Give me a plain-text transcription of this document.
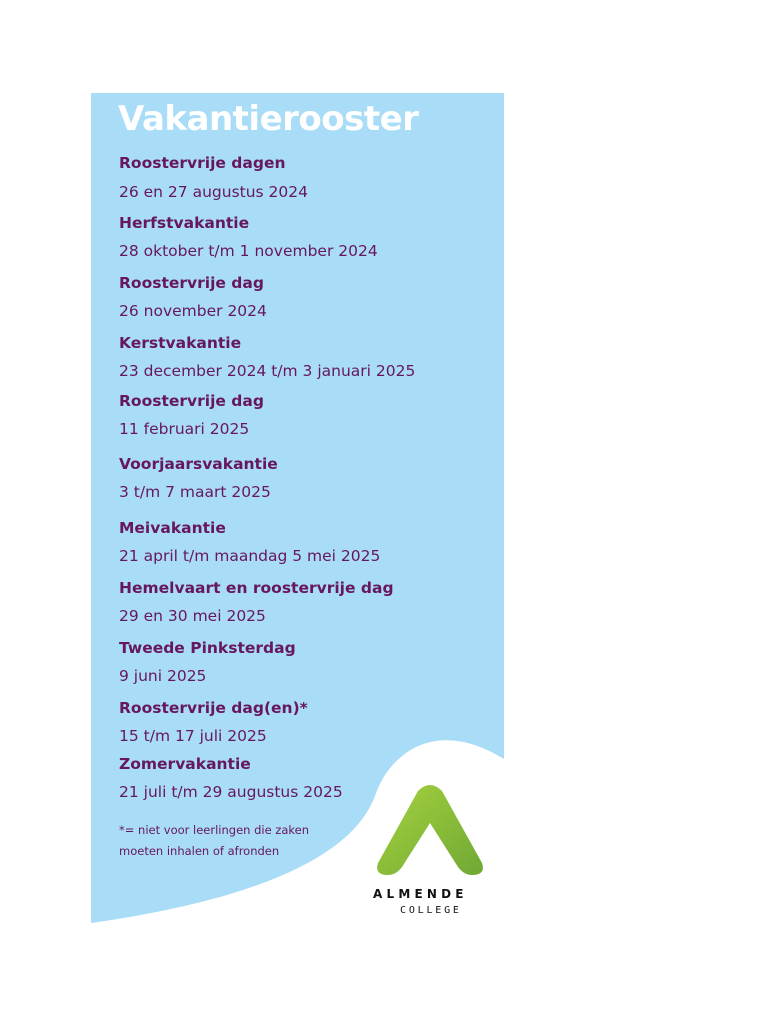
Vakantierooster
Roostervrije dagen
26 en 27 augustus 2024
Herfstvakantie
28 oktober t/m 1 november 2024
Roostervrije dag
26 november 2024
Kerstvakantie
23 december 2024 t/m 3 januari 2025
Roostervrije dag
11 februari 2025
Voorjaarsvakantie
3 t/m 7 maart 2025
Meivakantie
21 april t/m maandag 5 mei 2025
Hemelvaart en roostervrije dag
29 en 30 mei 2025
Tweede Pinksterdag
9 juni 2025
Roostervrije dag(en)*
15 t/m 17 juli 2025
Zomervakantie
21 juli t/m 29 augustus 2025
*= niet voor leerlingen die zaken
moeten inhalen of afronden
ALMENDE
COLLEGE
